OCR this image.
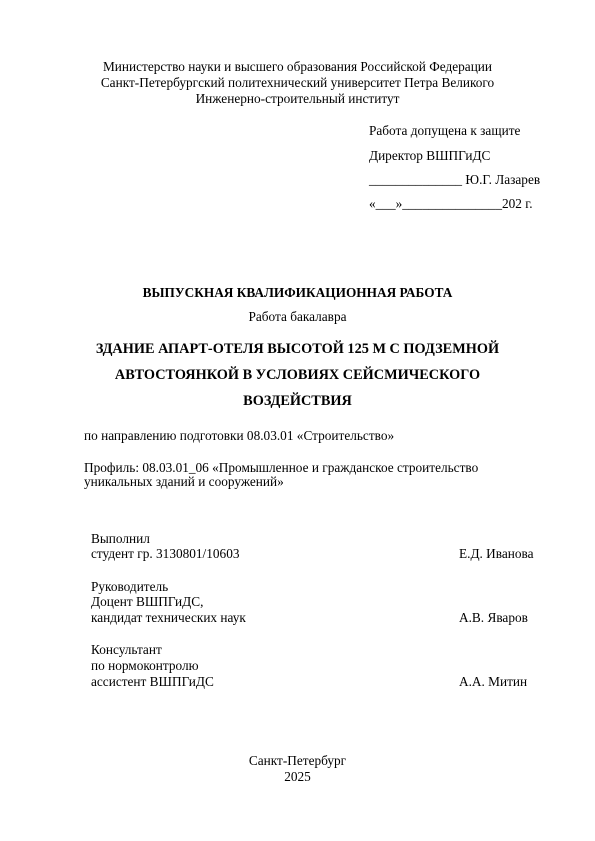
Министерство науки и высшего образования Российской Федерации
Санкт-Петербургский политехнический университет Петра Великого
Инженерно-строительный институт
Работа допущена к защите
Директор ВШПГиДС
______________ Ю.Г. Лазарев
«___»_______________202 г.
ВЫПУСКНАЯ КВАЛИФИКАЦИОННАЯ РАБОТА
Работа бакалавра
ЗДАНИЕ АПАРТ-ОТЕЛЯ ВЫСОТОЙ 125 М С ПОДЗЕМНОЙ
АВТОСТОЯНКОЙ В УСЛОВИЯХ СЕЙСМИЧЕСКОГО
ВОЗДЕЙСТВИЯ
по направлению подготовки 08.03.01 «Строительство»
Профиль: 08.03.01_06 «Промышленное и гражданское строительство
уникальных зданий и сооружений»
Выполнил
студент гр. 3130801/10603	Е.Д. Иванова
Руководитель
Доцент ВШПГиДС,
кандидат технических наук	А.В. Яваров
Консультант
по нормоконтролю
ассистент ВШПГиДС	А.А. Митин
Санкт-Петербург
2025
